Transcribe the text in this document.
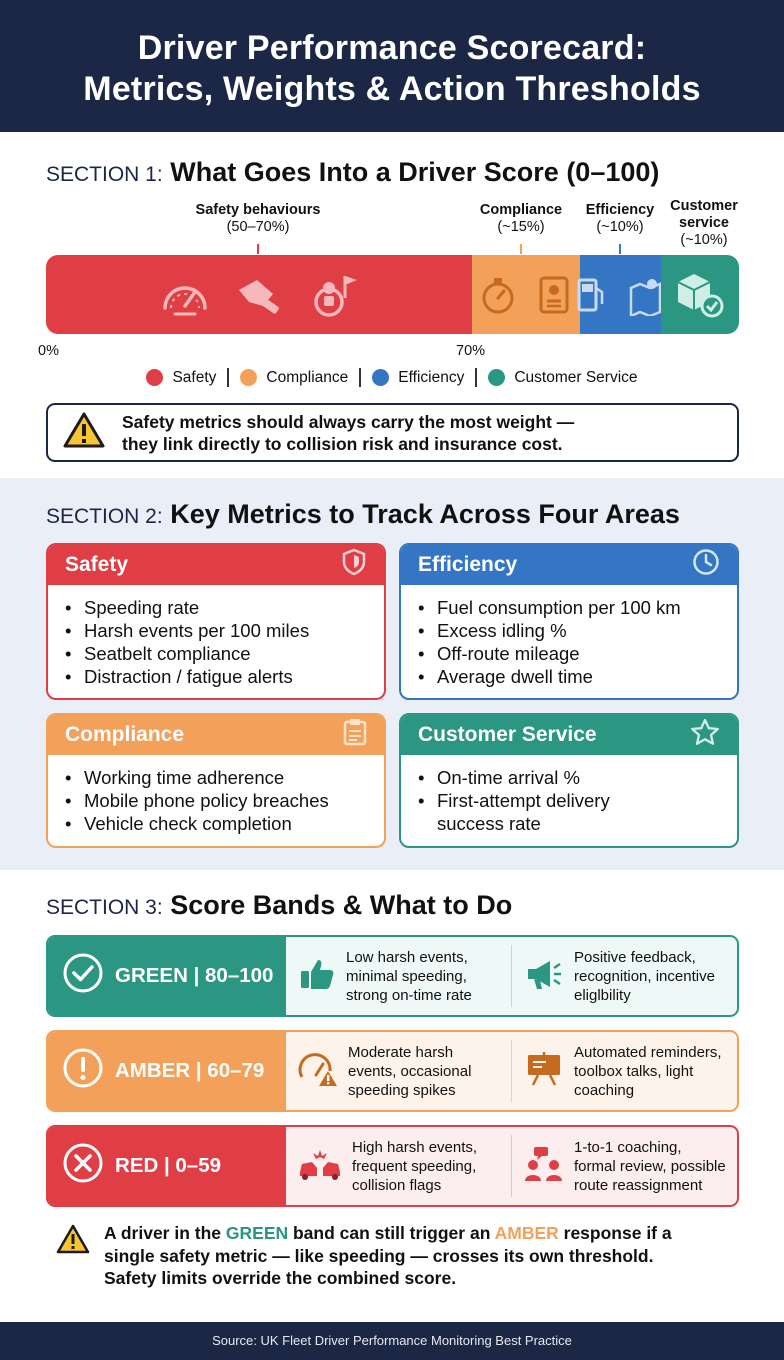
Driver Performance Scorecard:
Metrics, Weights & Action Thresholds
SECTION 1: What Goes Into a Driver Score (0–100)
Safety behaviours
(50–70%)
Compliance
(~15%)
Efficiency
(~10%)
Customer service
(~10%)
0%	70%
Safety	Compliance	Efficiency	Customer Service
Safety metrics should always carry the most weight —
they link directly to collision risk and insurance cost.
SECTION 2: Key Metrics to Track Across Four Areas
Safety
• Speeding rate
• Harsh events per 100 miles
• Seatbelt compliance
• Distraction / fatigue alerts
Efficiency
• Fuel consumption per 100 km
• Excess idling %
• Off-route mileage
• Average dwell time
Compliance
• Working time adherence
• Mobile phone policy breaches
• Vehicle check completion
Customer Service
• On-time arrival %
• First-attempt delivery
success rate
SECTION 3: Score Bands & What to Do
GREEN | 80–100
Low harsh events,
minimal speeding,
strong on-time rate
Positive feedback,
recognition, incentive
eliglbility
AMBER | 60–79
Moderate harsh
events, occasional
speeding spikes
Automated reminders,
toolbox talks, light
coaching
RED | 0–59
High harsh events,
frequent speeding,
collision flags
1-to-1 coaching,
formal review, possible
route reassignment
A driver in the GREEN band can still trigger an AMBER response if a
single safety metric — like speeding — crosses its own threshold.
Safety limits override the combined score.
Source: UK Fleet Driver Performance Monitoring Best Practice
